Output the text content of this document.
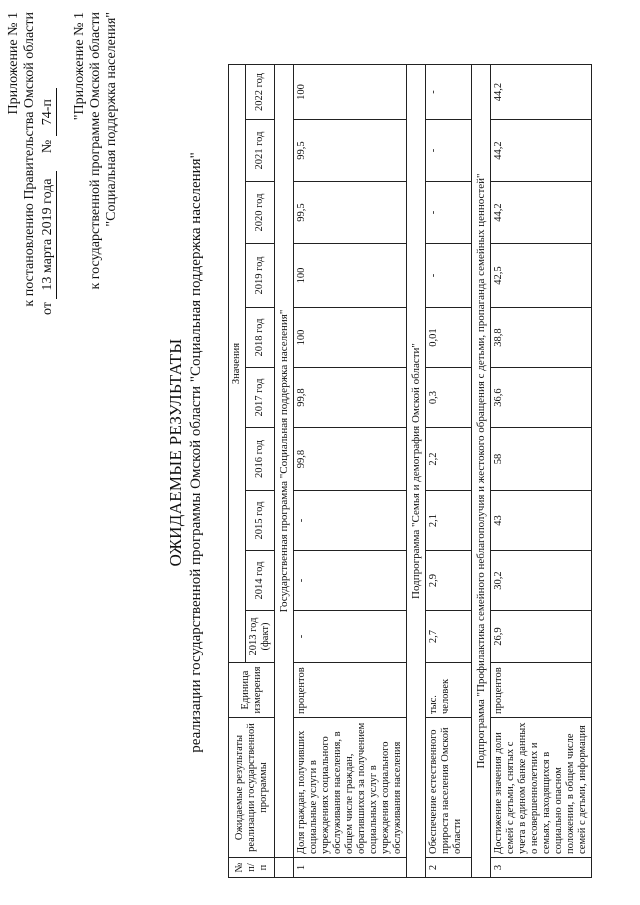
Приложение № 1 к постановлению Правительства Омской области
от 13 марта 2019 года № 74-п "Приложение № 1 к государственной программе Омской области "Социальная поддержка населения"
ОЖИДАЕМЫЕ РЕЗУЛЬТАТЫ реализации государственной программы Омской области "Социальная поддержка населения"
№ п/п	Ожидаемые результаты реализации государственной программы	Единица измерения	Значения									
			2013 год (факт)	2014 год	2015 год	2016 год	2017 год	2018 год	2019 год	2020 год	2021 год	2022 год
	Государственная программа "Социальная поддержка населения"											
1	Доля граждан, получивших социальные услуги в учреждениях социального обслуживания населения, в общем числе граждан, обратившихся за получением социальных услуг в учреждения социального обслуживания населения	процентов	-	-	-	99,8	99,8	100	100	99,5	99,5	100
Подпрограмма "Семья и демография Омской области"												
2	Обеспечение естественного прироста населения Омской области	тыс. человек	2,7	2,9	2,1	2,2	0,3	0,01	-	-	-	-
Подпрограмма "Профилактика семейного неблагополучия и жестокого обращения с детьми, пропаганда семейных ценностей"												
3	Достижение значения доли семей с детьми, снятых с учета в едином банке данных о несовершеннолетних и семьях, находящихся в социально опасном положении, в общем числе семей с детьми, информация	процентов	26,9	30,2	43	58	36,6	38,8	42,5	44,2	44,2	44,2
